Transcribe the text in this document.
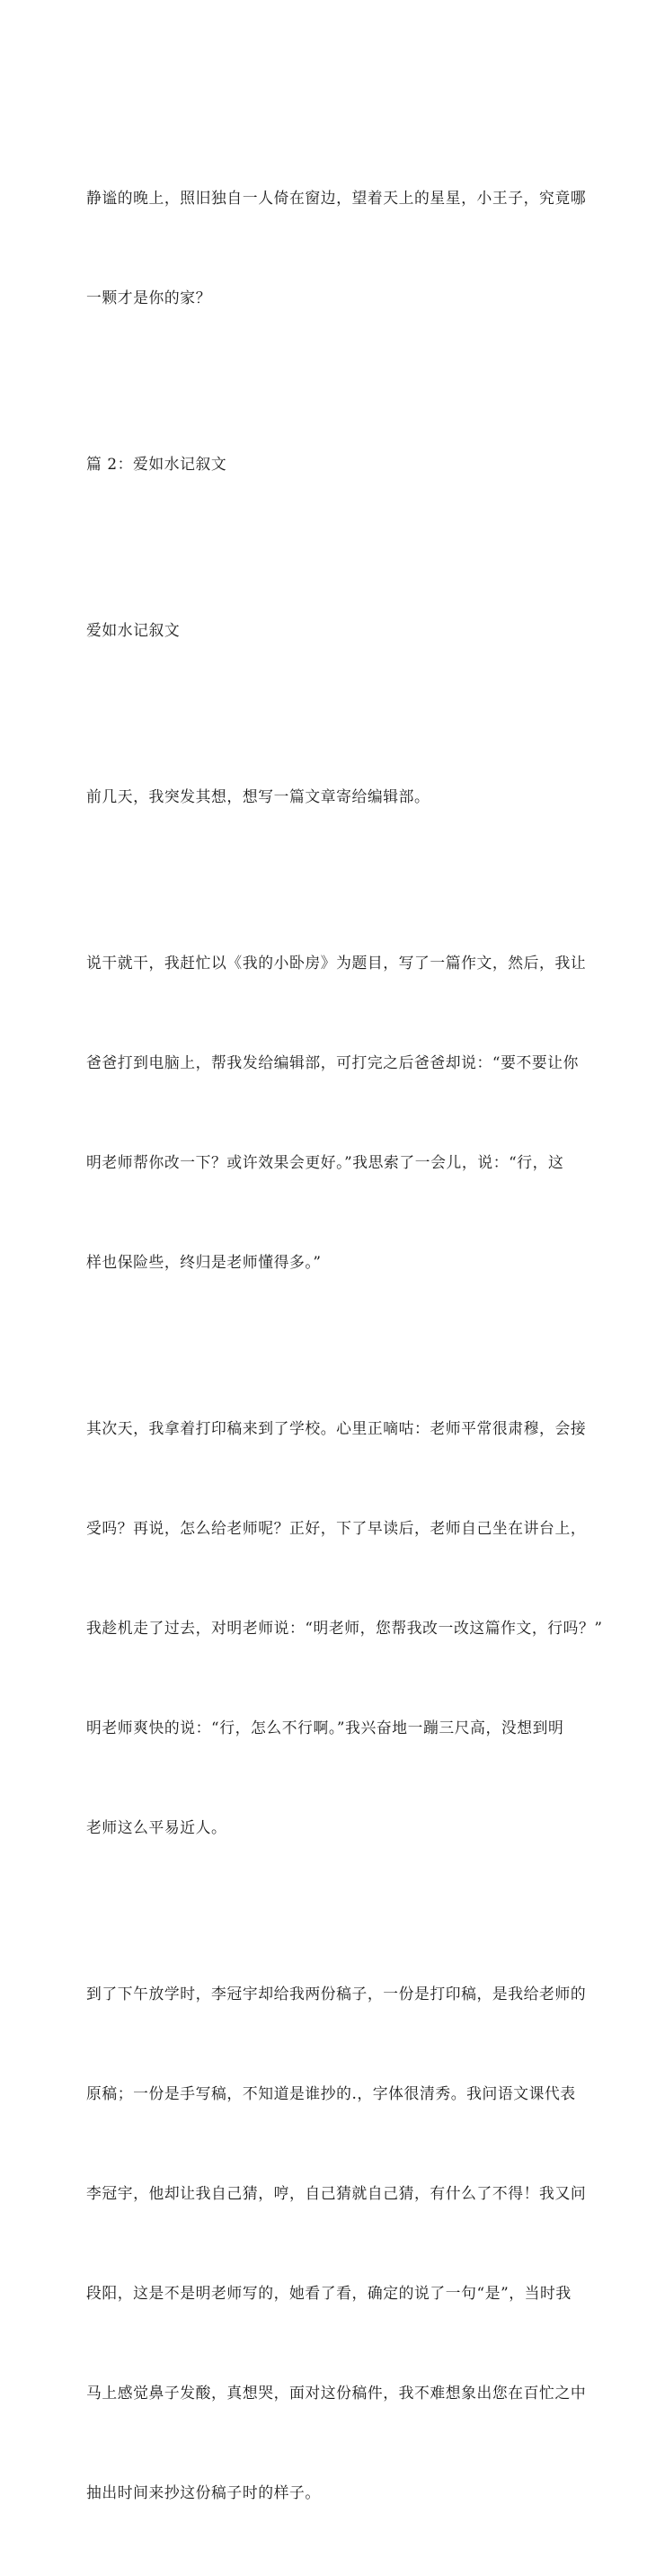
静谧的晚上，照旧独自一人倚在窗边，望着天上的星星，小王子，究竟哪

一颗才是你的家？

篇 2：爱如水记叙文

爱如水记叙文

前几天，我突发其想，想写一篇文章寄给编辑部。

说干就干，我赶忙以《我的小卧房》为题目，写了一篇作文，然后，我让

爸爸打到电脑上，帮我发给编辑部，可打完之后爸爸却说：“要不要让你

明老师帮你改一下？或许效果会更好。”我思索了一会儿，说：“行，这

样也保险些，终归是老师懂得多。”

其次天，我拿着打印稿来到了学校。心里正嘀咕：老师平常很肃穆，会接

受吗？再说，怎么给老师呢？正好，下了早读后，老师自己坐在讲台上，

我趁机走了过去，对明老师说：“明老师，您帮我改一改这篇作文，行吗？”

明老师爽快的说：“行，怎么不行啊。”我兴奋地一蹦三尺高，没想到明

老师这么平易近人。

到了下午放学时，李冠宇却给我两份稿子，一份是打印稿，是我给老师的

原稿；一份是手写稿，不知道是谁抄的.，字体很清秀。我问语文课代表

李冠宇，他却让我自己猜，哼，自己猜就自己猜，有什么了不得！我又问

段阳，这是不是明老师写的，她看了看，确定的说了一句“是”，当时我

马上感觉鼻子发酸，真想哭，面对这份稿件，我不难想象出您在百忙之中

抽出时间来抄这份稿子时的样子。
